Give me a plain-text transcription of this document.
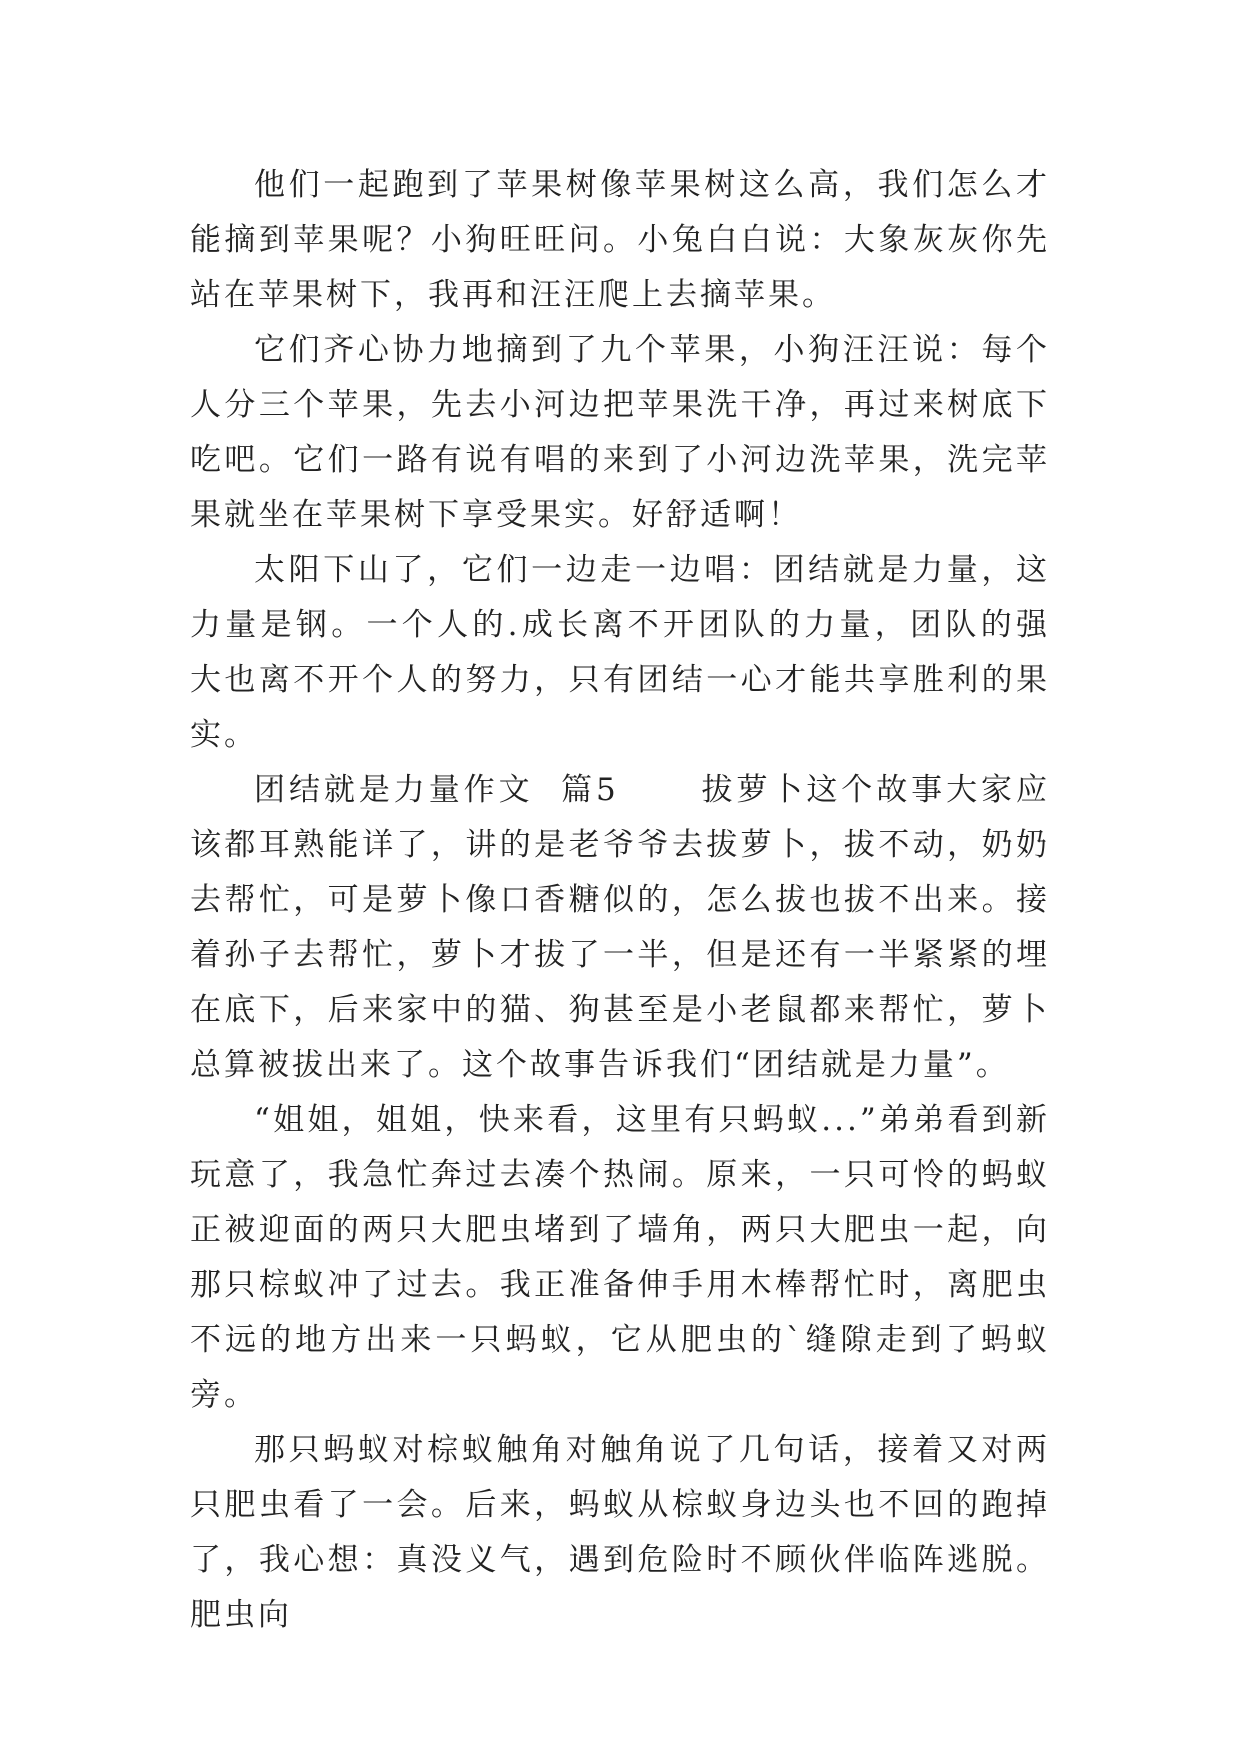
他们一起跑到了苹果树像苹果树这么高，我们怎么才能摘到苹果呢？小狗旺旺问。小兔白白说：大象灰灰你先站在苹果树下，我再和汪汪爬上去摘苹果。

它们齐心协力地摘到了九个苹果，小狗汪汪说：每个人分三个苹果，先去小河边把苹果洗干净，再过来树底下吃吧。它们一路有说有唱的来到了小河边洗苹果，洗完苹果就坐在苹果树下享受果实。好舒适啊！

太阳下山了，它们一边走一边唱：团结就是力量，这力量是钢。一个人的.成长离不开团队的力量，团队的强大也离不开个人的努力，只有团结一心才能共享胜利的果实。

团结就是力量作文  篇5      拔萝卜这个故事大家应该都耳熟能详了，讲的是老爷爷去拔萝卜，拔不动，奶奶去帮忙，可是萝卜像口香糖似的，怎么拔也拔不出来。接着孙子去帮忙，萝卜才拔了一半，但是还有一半紧紧的埋在底下，后来家中的猫、狗甚至是小老鼠都来帮忙，萝卜总算被拔出来了。这个故事告诉我们“团结就是力量”。

“姐姐，姐姐，快来看，这里有只蚂蚁...”弟弟看到新玩意了，我急忙奔过去凑个热闹。原来，一只可怜的蚂蚁正被迎面的两只大肥虫堵到了墙角，两只大肥虫一起，向那只棕蚁冲了过去。我正准备伸手用木棒帮忙时，离肥虫不远的地方出来一只蚂蚁，它从肥虫的`缝隙走到了蚂蚁旁。

那只蚂蚁对棕蚁触角对触角说了几句话，接着又对两只肥虫看了一会。后来，蚂蚁从棕蚁身边头也不回的跑掉了，我心想：真没义气，遇到危险时不顾伙伴临阵逃脱。肥虫向
